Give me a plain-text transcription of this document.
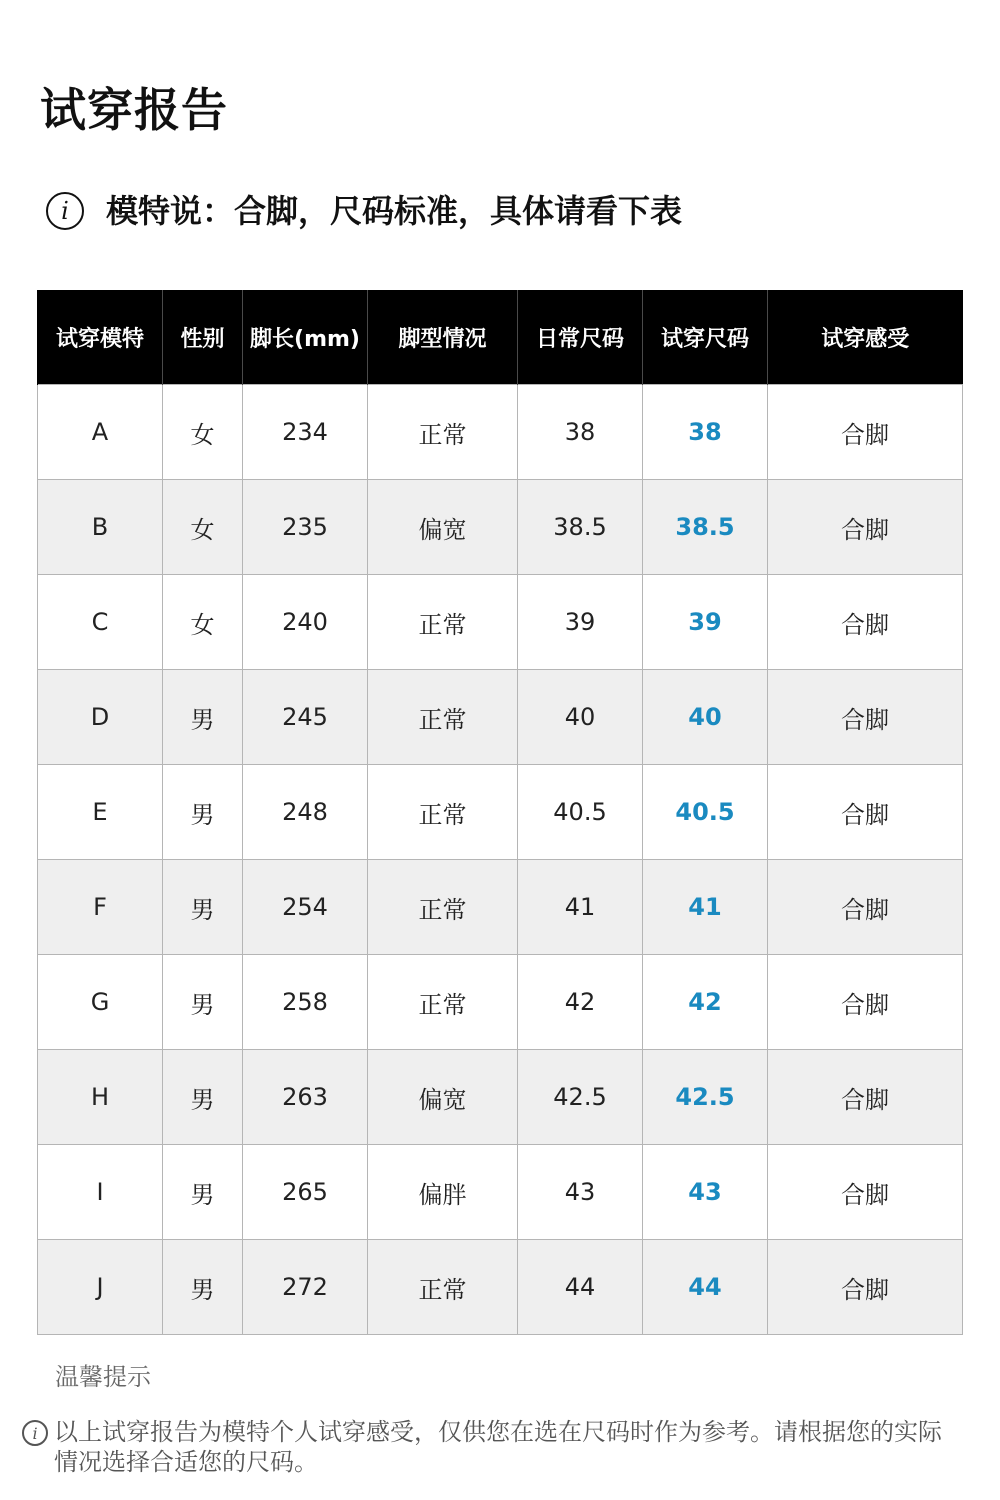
试穿报告
i	模特说：合脚，尺码标准，具体请看下表
试穿模特	性别	脚长(mm)	脚型情况	日常尺码	试穿尺码	试穿感受
A	女	234	正常	38	38	合脚
B	女	235	偏宽	38.5	38.5	合脚
C	女	240	正常	39	39	合脚
D	男	245	正常	40	40	合脚
E	男	248	正常	40.5	40.5	合脚
F	男	254	正常	41	41	合脚
G	男	258	正常	42	42	合脚
H	男	263	偏宽	42.5	42.5	合脚
I	男	265	偏胖	43	43	合脚
J	男	272	正常	44	44	合脚
温馨提示
i 以上试穿报告为模特个人试穿感受，仅供您在选在尺码时作为参考。请根据您的实际情况选择合适您的尺码。
